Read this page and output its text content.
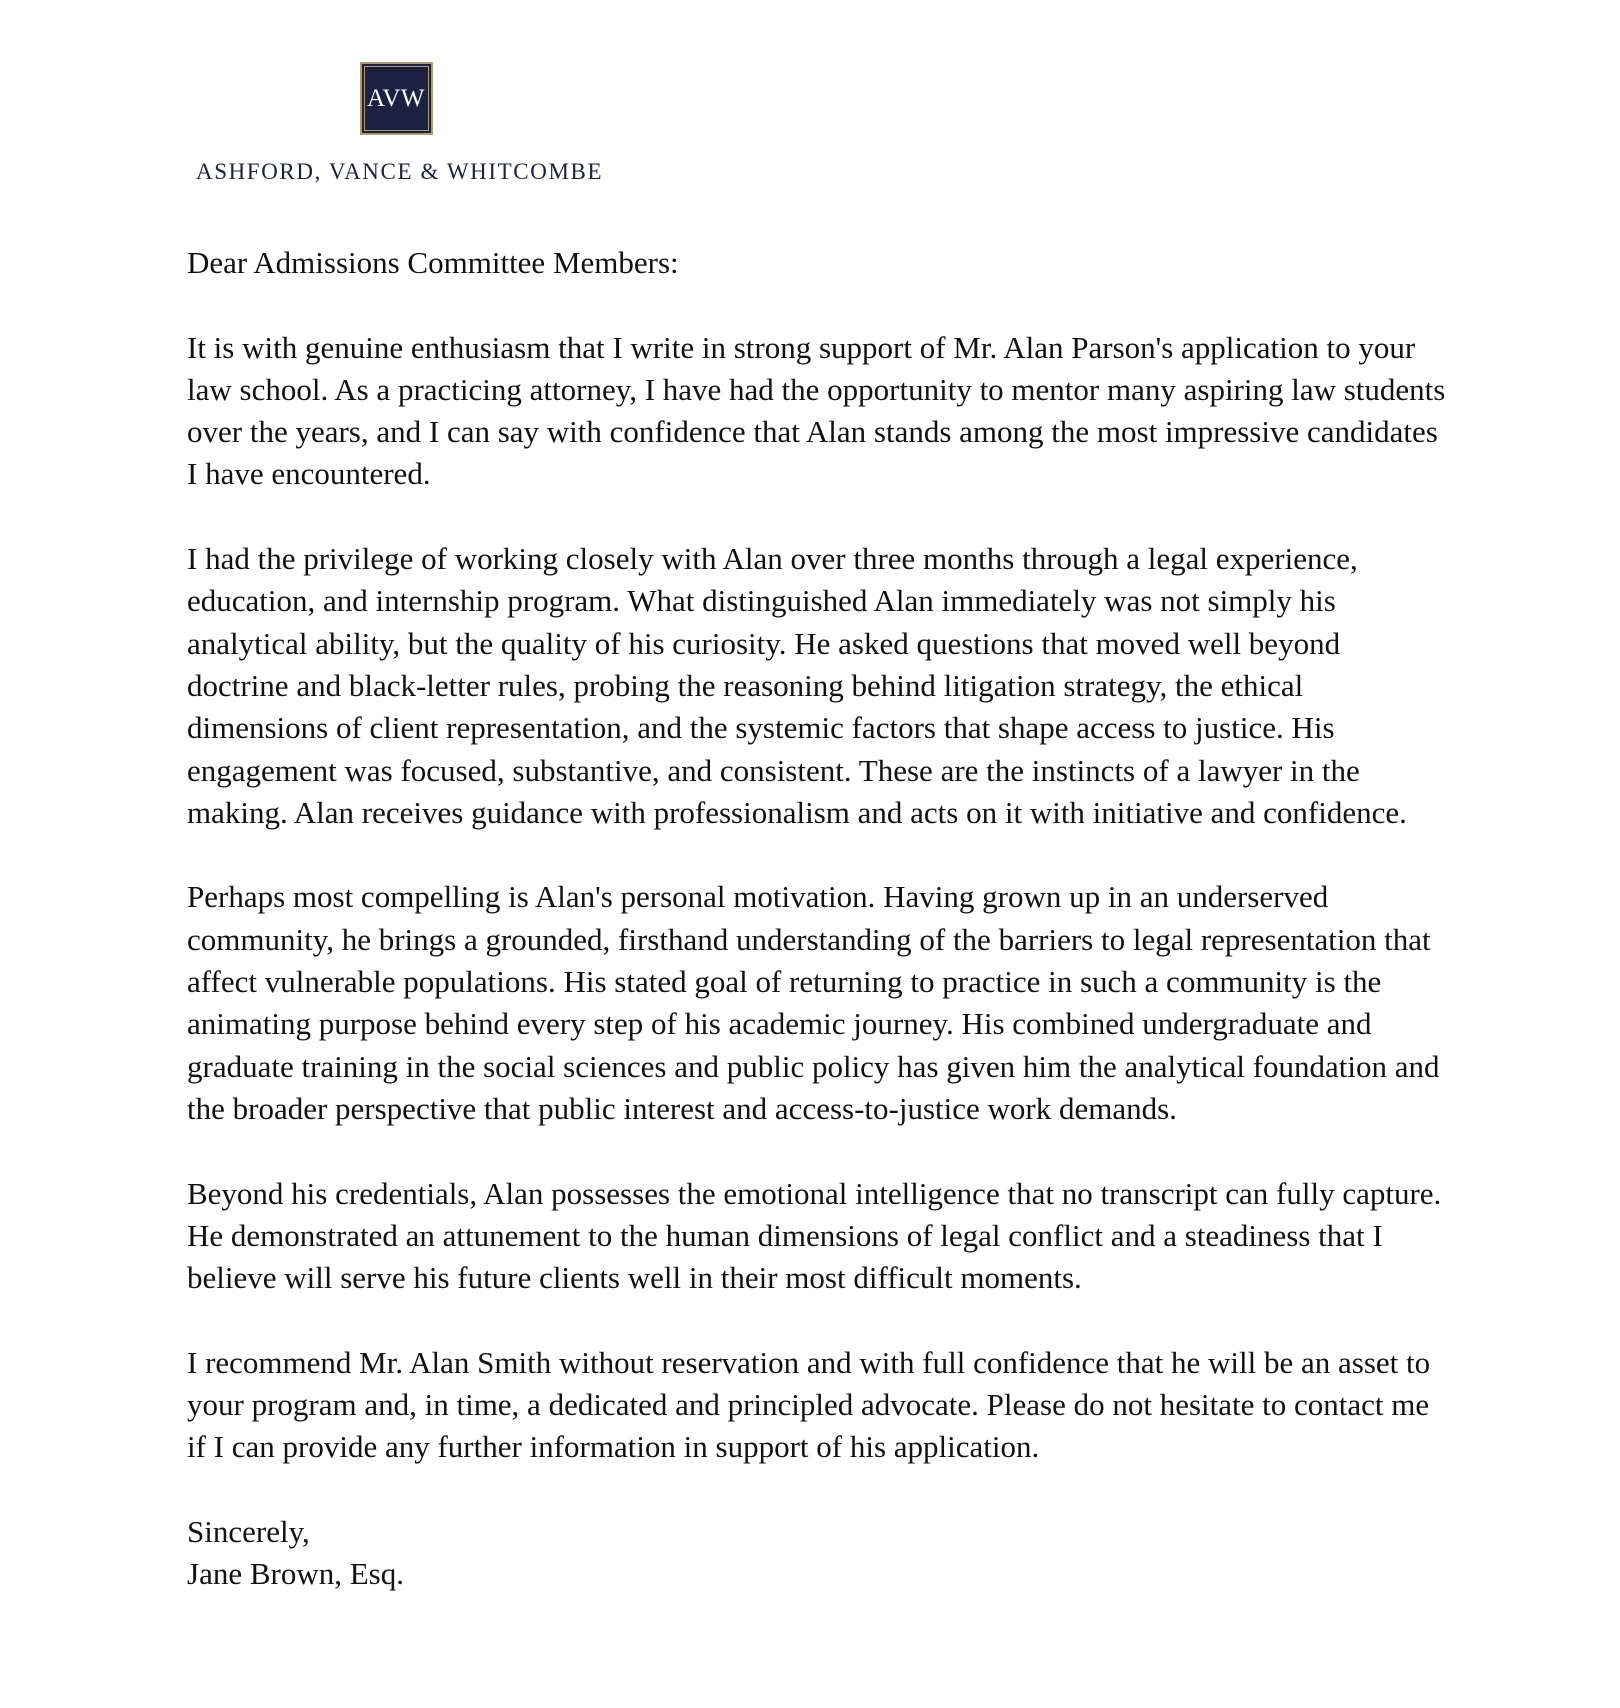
AVW
ASHFORD, VANCE & WHITCOMBE

Dear Admissions Committee Members:

It is with genuine enthusiasm that I write in strong support of Mr. Alan Parson's application to your law school. As a practicing attorney, I have had the opportunity to mentor many aspiring law students over the years, and I can say with confidence that Alan stands among the most impressive candidates I have encountered.

I had the privilege of working closely with Alan over three months through a legal experience, education, and internship program. What distinguished Alan immediately was not simply his analytical ability, but the quality of his curiosity. He asked questions that moved well beyond doctrine and black-letter rules, probing the reasoning behind litigation strategy, the ethical dimensions of client representation, and the systemic factors that shape access to justice. His engagement was focused, substantive, and consistent. These are the instincts of a lawyer in the making. Alan receives guidance with professionalism and acts on it with initiative and confidence.

Perhaps most compelling is Alan's personal motivation. Having grown up in an underserved community, he brings a grounded, firsthand understanding of the barriers to legal representation that affect vulnerable populations. His stated goal of returning to practice in such a community is the animating purpose behind every step of his academic journey. His combined undergraduate and graduate training in the social sciences and public policy has given him the analytical foundation and the broader perspective that public interest and access-to-justice work demands.

Beyond his credentials, Alan possesses the emotional intelligence that no transcript can fully capture. He demonstrated an attunement to the human dimensions of legal conflict and a steadiness that I believe will serve his future clients well in their most difficult moments.

I recommend Mr. Alan Smith without reservation and with full confidence that he will be an asset to your program and, in time, a dedicated and principled advocate. Please do not hesitate to contact me if I can provide any further information in support of his application.

Sincerely,

Jane Brown, Esq.
